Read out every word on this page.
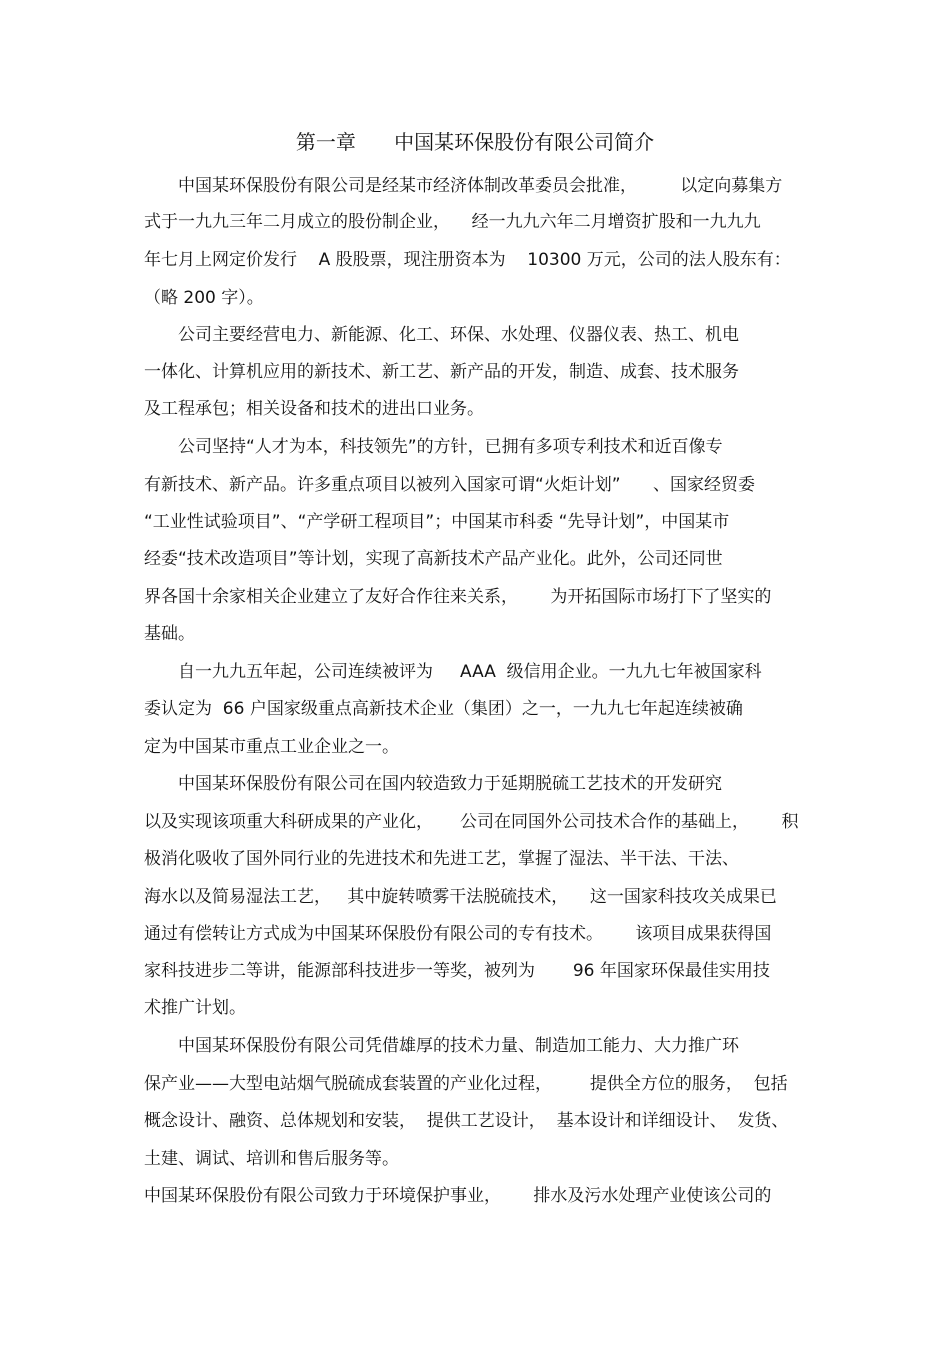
第一章      中国某环保股份有限公司简介
中国某环保股份有限公司是经某市经济体制改革委员会批准，        以定向募集方
式于一九九三年二月成立的股份制企业，    经一九九六年二月增资扩股和一九九九
年七月上网定价发行    A 股股票，现注册资本为    10300 万元，公司的法人股东有：
（略 200 字）。
公司主要经营电力、新能源、化工、环保、水处理、仪器仪表、热工、机电
一体化、计算机应用的新技术、新工艺、新产品的开发，制造、成套、技术服务
及工程承包；相关设备和技术的进出口业务。
公司坚持“人才为本，科技领先”的方针，已拥有多项专利技术和近百像专
有新技术、新产品。许多重点项目以被列入国家可谓“火炬计划”      、国家经贸委
“工业性试验项目”、“产学研工程项目”；中国某市科委 “先导计划”，中国某市
经委“技术改造项目”等计划，实现了高新技术产品产业化。此外，公司还同世
界各国十余家相关企业建立了友好合作往来关系，      为开拓国际市场打下了坚实的
基础。
自一九九五年起，公司连续被评为     AAA  级信用企业。一九九七年被国家科
委认定为  66 户国家级重点高新技术企业（集团）之一，一九九七年起连续被确
定为中国某市重点工业企业之一。
中国某环保股份有限公司在国内较造致力于延期脱硫工艺技术的开发研究
以及实现该项重大科研成果的产业化，     公司在同国外公司技术合作的基础上，      积
极消化吸收了国外同行业的先进技术和先进工艺，掌握了湿法、半干法、干法、
海水以及简易湿法工艺，   其中旋转喷雾干法脱硫技术，    这一国家科技攻关成果已
通过有偿转让方式成为中国某环保股份有限公司的专有技术。      该项目成果获得国
家科技进步二等讲，能源部科技进步一等奖，被列为       96 年国家环保最佳实用技
术推广计划。
中国某环保股份有限公司凭借雄厚的技术力量、制造加工能力、大力推广环
保产业——大型电站烟气脱硫成套装置的产业化过程，       提供全方位的服务，  包括
概念设计、融资、总体规划和安装，  提供工艺设计，  基本设计和详细设计、  发货、
土建、调试、培训和售后服务等。
中国某环保股份有限公司致力于环境保护事业，      排水及污水处理产业使该公司的
